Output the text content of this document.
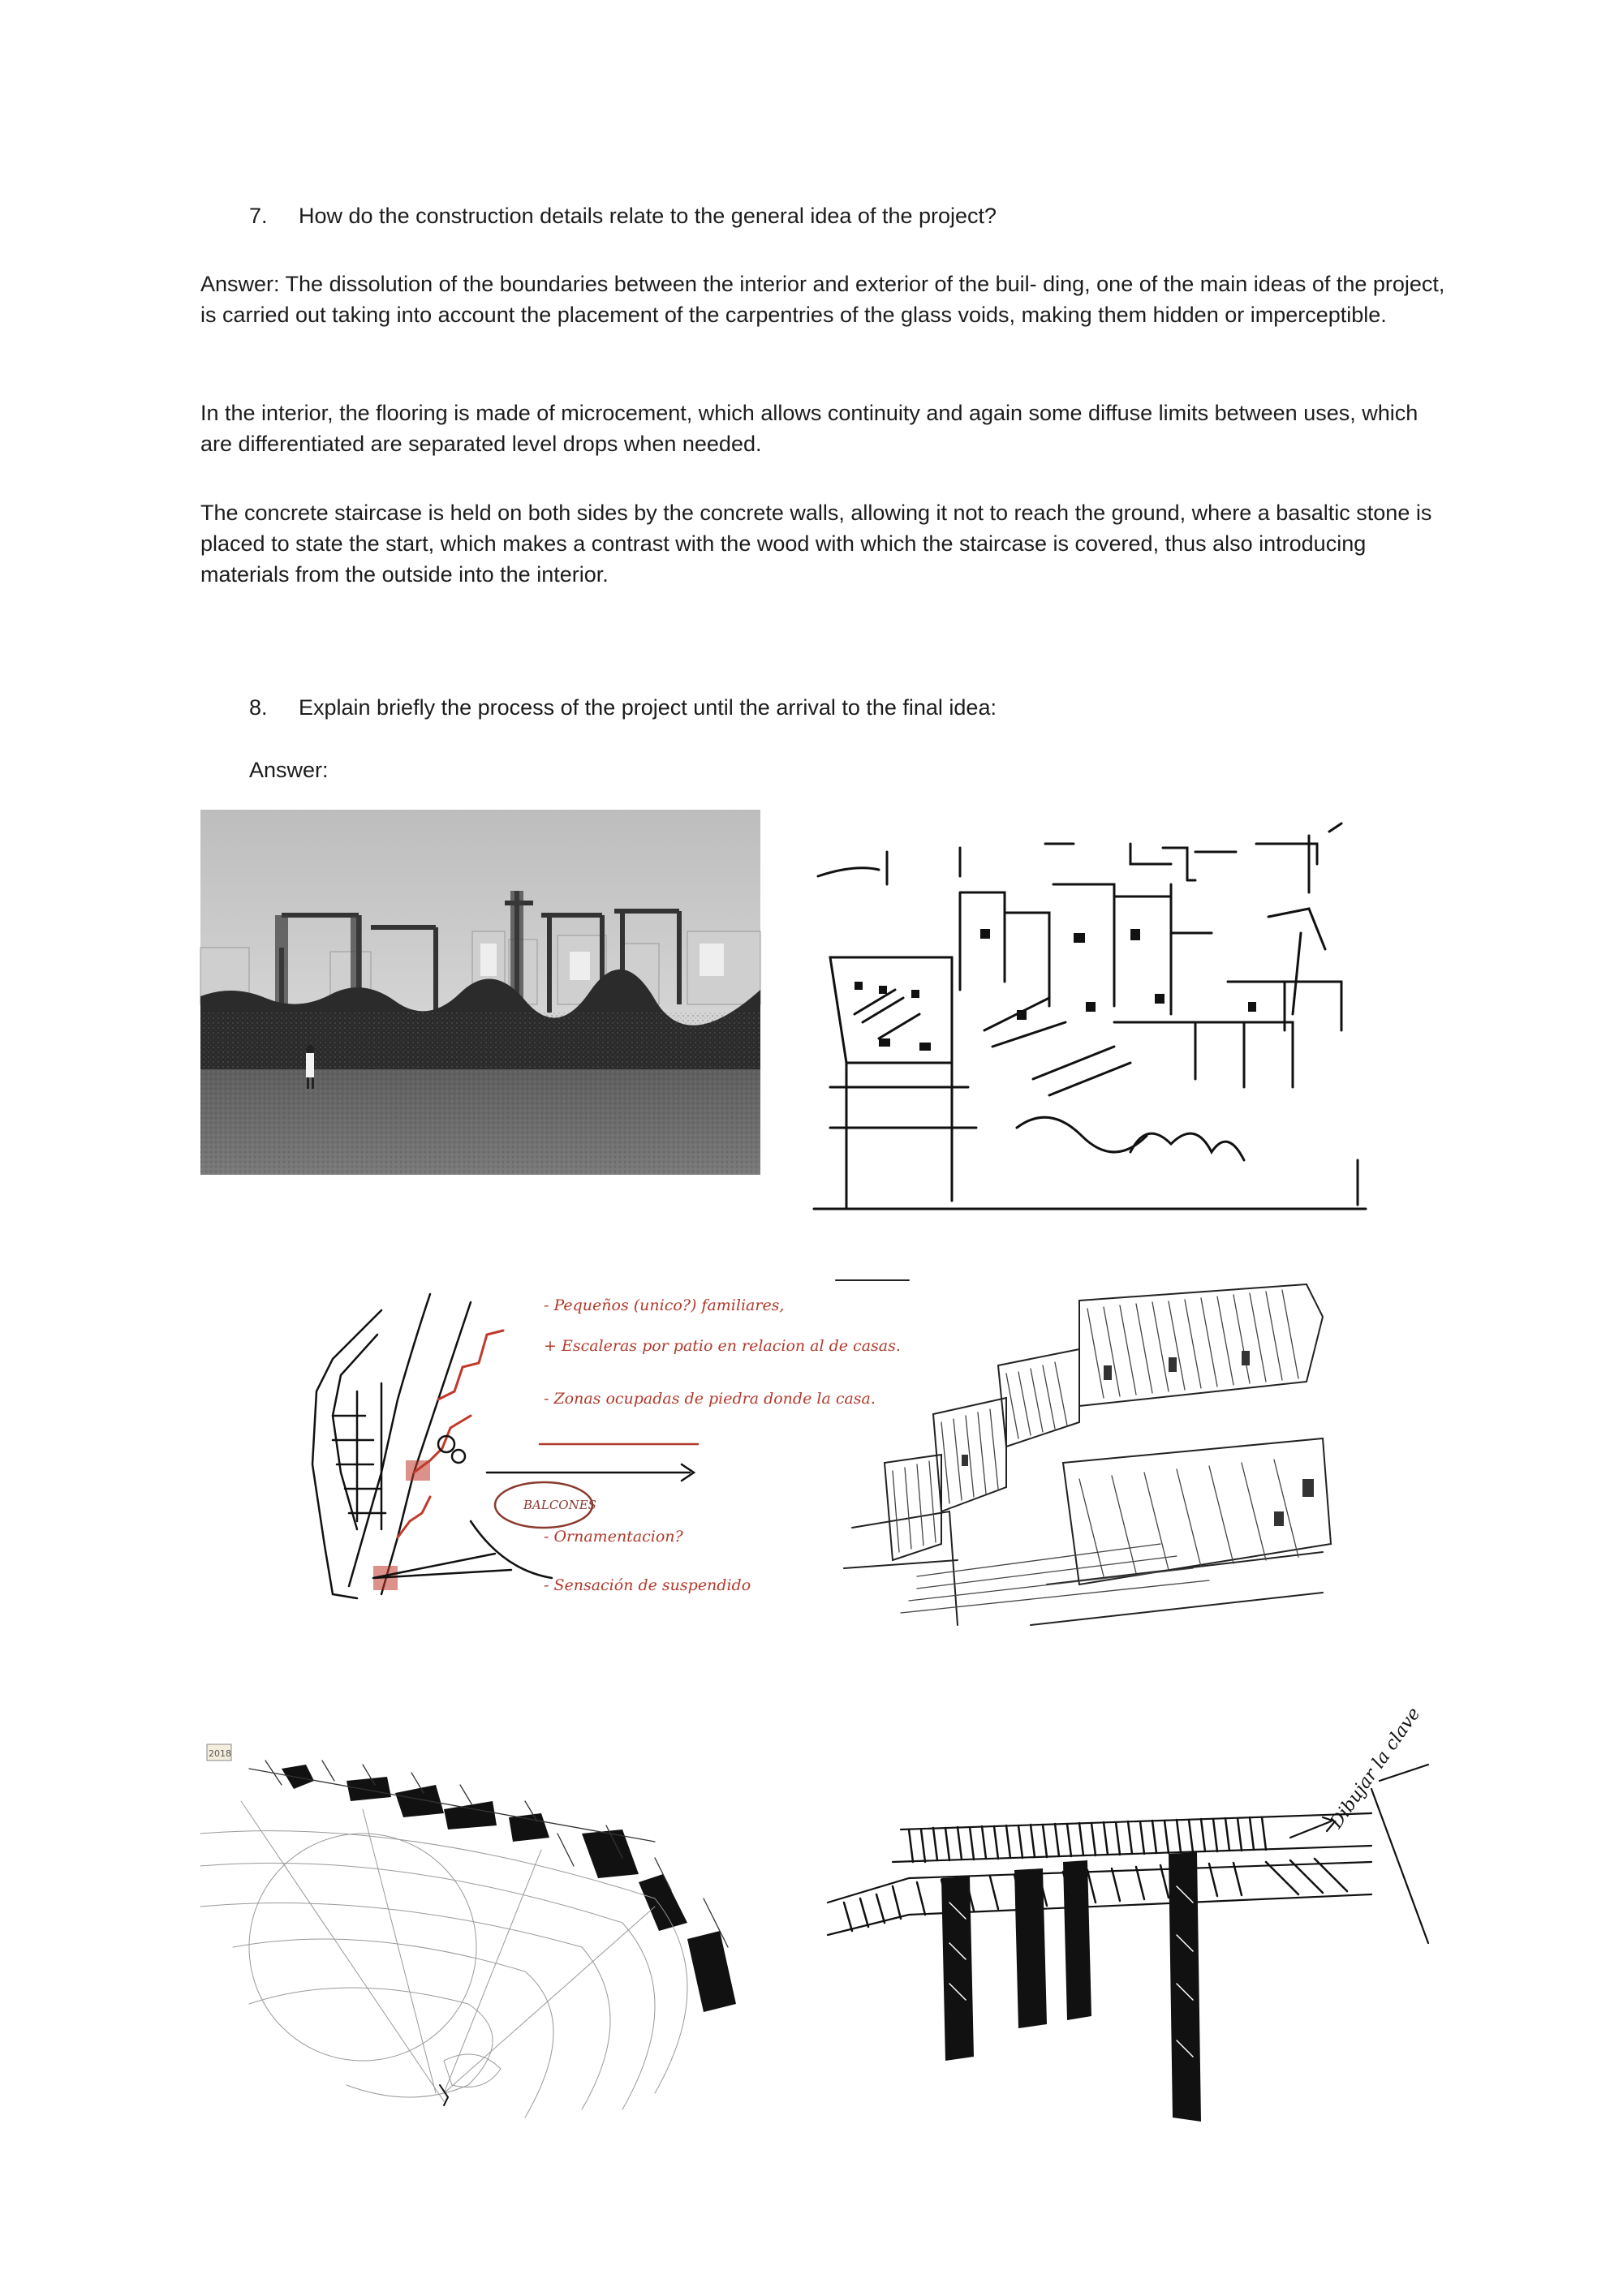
7. How do the construction details relate to the general idea of the project?

Answer: The dissolution of the boundaries between the interior and exterior of the buil- ding, one of the main ideas of the project, is carried out taking into account the placement of the carpentries of the glass voids, making them hidden or imperceptible.

In the interior, the flooring is made of microcement, which allows continuity and again some diffuse limits between uses, which are differentiated are separated level drops when needed.

The concrete staircase is held on both sides by the concrete walls, allowing it not to reach the ground, where a basaltic stone is placed to state the start, which makes a contrast with the wood with which the staircase is covered, thus also introducing materials from the outside into the interior.

8. Explain briefly the process of the project until the arrival to the final idea:
Answer:
BALCONES
- Pequeños (unico?) familiares,
+ Escaleras por patio en relacion al de casas.
- Zonas ocupadas de piedra donde la casa.
- Ornamentacion?
- Sensación de suspendido
2018	Dibujar la clave
